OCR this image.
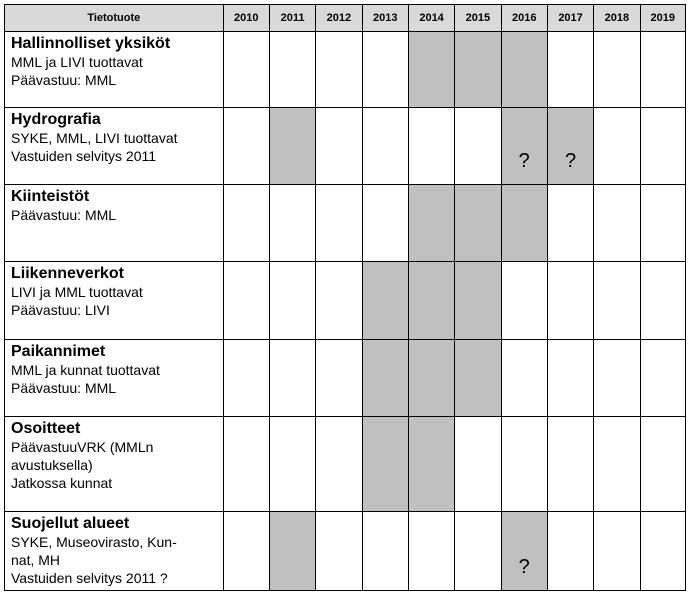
Tietotuote	2010	2011	2012	2013	2014	2015	2016	2017	2018	2019

Hallinnolliset yksiköt
MML ja LIVI tuottavat
Päävastuu: MML										

Hydrografia
SYKE, MML, LIVI tuottavat
Vastuiden selvitys 2011							?	?		

Kiinteistöt
Päävastuu: MML										

Liikenneverkot
LIVI ja MML tuottavat
Päävastuu: LIVI										

Paikannimet
MML ja kunnat tuottavat
Päävastuu: MML										

Osoitteet
PäävastuuVRK (MMLn
avustuksella)
Jatkossa kunnat										

Suojellut alueet
SYKE, Museovirasto, Kun-
nat, MH
Vastuiden selvitys 2011 ?							?			
